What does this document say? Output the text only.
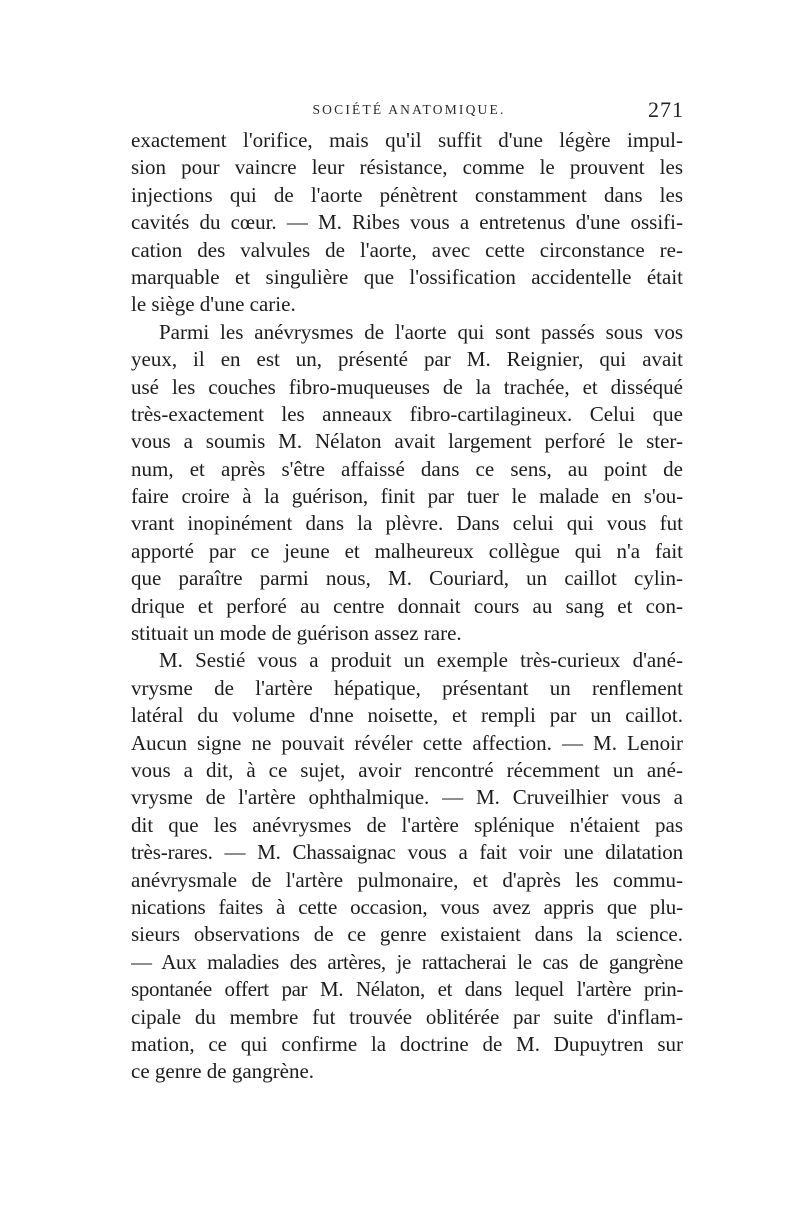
SOCIÉTÉ ANATOMIQUE.	271
exactement l'orifice, mais qu'il suffit d'une légère impul-
sion pour vaincre leur résistance, comme le prouvent les
injections qui de l'aorte pénètrent constamment dans les
cavités du cœur. — M. Ribes vous a entretenus d'une ossifi-
cation des valvules de l'aorte, avec cette circonstance re-
marquable et singulière que l'ossification accidentelle était
le siège d'une carie.
Parmi les anévrysmes de l'aorte qui sont passés sous vos
yeux, il en est un, présenté par M. Reignier, qui avait
usé les couches fibro-muqueuses de la trachée, et disséqué
très-exactement les anneaux fibro-cartilagineux. Celui que
vous a soumis M. Nélaton avait largement perforé le ster-
num, et après s'être affaissé dans ce sens, au point de
faire croire à la guérison, finit par tuer le malade en s'ou-
vrant inopinément dans la plèvre. Dans celui qui vous fut
apporté par ce jeune et malheureux collègue qui n'a fait
que paraître parmi nous, M. Couriard, un caillot cylin-
drique et perforé au centre donnait cours au sang et con-
stituait un mode de guérison assez rare.
M. Sestié vous a produit un exemple très-curieux d'ané-
vrysme de l'artère hépatique, présentant un renflement
latéral du volume d'nne noisette, et rempli par un caillot.
Aucun signe ne pouvait révéler cette affection. — M. Lenoir
vous a dit, à ce sujet, avoir rencontré récemment un ané-
vrysme de l'artère ophthalmique. — M. Cruveilhier vous a
dit que les anévrysmes de l'artère splénique n'étaient pas
très-rares. — M. Chassaignac vous a fait voir une dilatation
anévrysmale de l'artère pulmonaire, et d'après les commu-
nications faites à cette occasion, vous avez appris que plu-
sieurs observations de ce genre existaient dans la science.
— Aux maladies des artères, je rattacherai le cas de gangrène
spontanée offert par M. Nélaton, et dans lequel l'artère prin-
cipale du membre fut trouvée oblitérée par suite d'inflam-
mation, ce qui confirme la doctrine de M. Dupuytren sur
ce genre de gangrène.
